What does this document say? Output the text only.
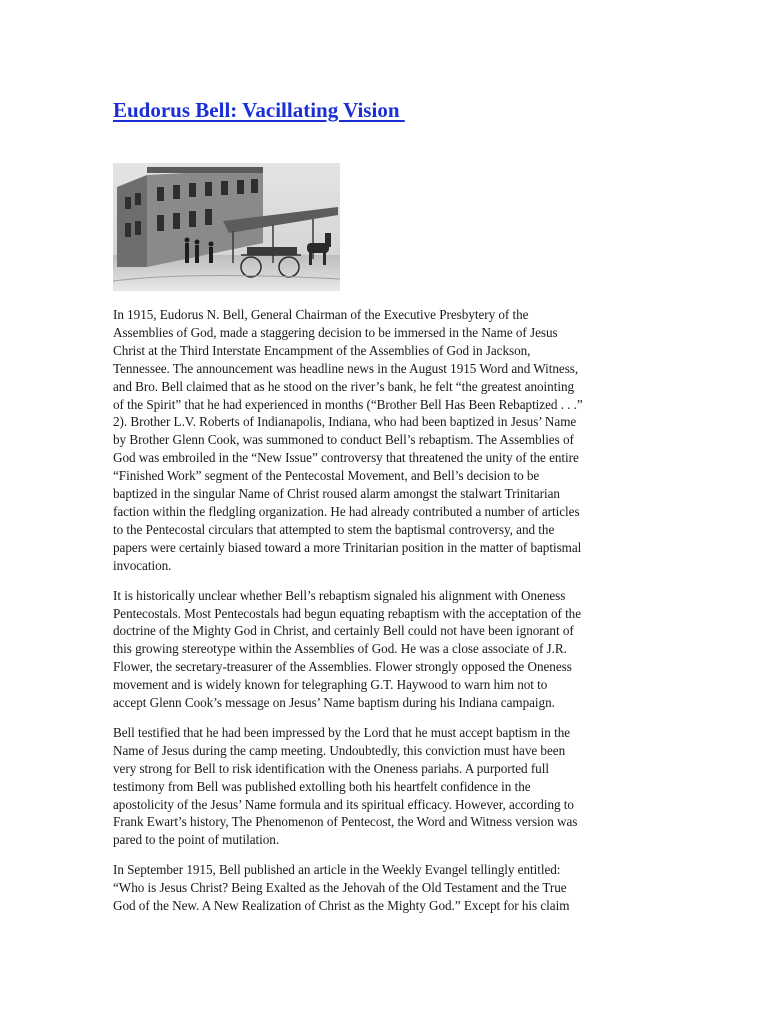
Eudorus Bell: Vacillating Vision

In 1915, Eudorus N. Bell, General Chairman of the Executive Presbytery of the
Assemblies of God, made a staggering decision to be immersed in the Name of Jesus
Christ at the Third Interstate Encampment of the Assemblies of God in Jackson,
Tennessee. The announcement was headline news in the August 1915 Word and Witness,
and Bro. Bell claimed that as he stood on the river’s bank, he felt “the greatest anointing
of the Spirit” that he had experienced in months (“Brother Bell Has Been Rebaptized . . .”
2). Brother L.V. Roberts of Indianapolis, Indiana, who had been baptized in Jesus’ Name
by Brother Glenn Cook, was summoned to conduct Bell’s rebaptism. The Assemblies of
God was embroiled in the “New Issue” controversy that threatened the unity of the entire
“Finished Work” segment of the Pentecostal Movement, and Bell’s decision to be
baptized in the singular Name of Christ roused alarm amongst the stalwart Trinitarian
faction within the fledgling organization. He had already contributed a number of articles
to the Pentecostal circulars that attempted to stem the baptismal controversy, and the
papers were certainly biased toward a more Trinitarian position in the matter of baptismal
invocation.

It is historically unclear whether Bell’s rebaptism signaled his alignment with Oneness
Pentecostals. Most Pentecostals had begun equating rebaptism with the acceptation of the
doctrine of the Mighty God in Christ, and certainly Bell could not have been ignorant of
this growing stereotype within the Assemblies of God. He was a close associate of J.R.
Flower, the secretary-treasurer of the Assemblies. Flower strongly opposed the Oneness
movement and is widely known for telegraphing G.T. Haywood to warn him not to
accept Glenn Cook’s message on Jesus’ Name baptism during his Indiana campaign.

Bell testified that he had been impressed by the Lord that he must accept baptism in the
Name of Jesus during the camp meeting. Undoubtedly, this conviction must have been
very strong for Bell to risk identification with the Oneness pariahs. A purported full
testimony from Bell was published extolling both his heartfelt confidence in the
apostolicity of the Jesus’ Name formula and its spiritual efficacy. However, according to
Frank Ewart’s history, The Phenomenon of Pentecost, the Word and Witness version was
pared to the point of mutilation.

In September 1915, Bell published an article in the Weekly Evangel tellingly entitled:
“Who is Jesus Christ? Being Exalted as the Jehovah of the Old Testament and the True
God of the New. A New Realization of Christ as the Mighty God.” Except for his claim
